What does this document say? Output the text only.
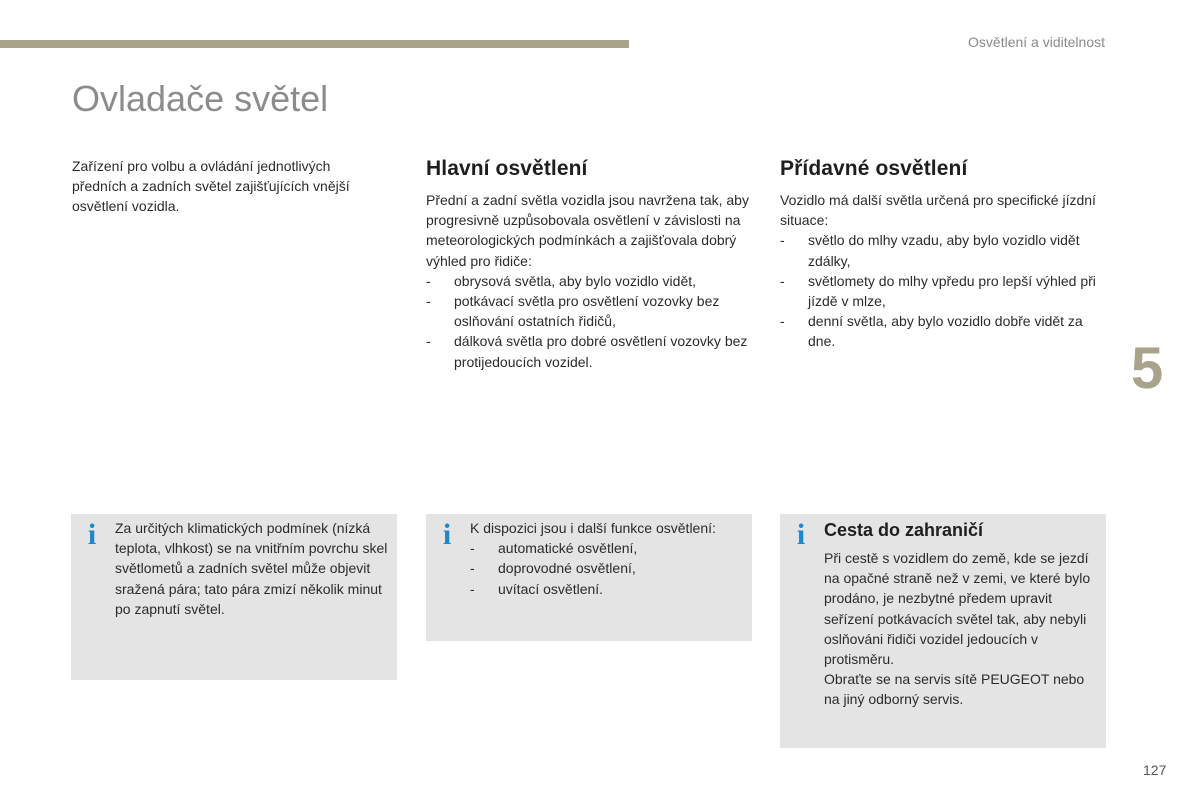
Osvětlení a viditelnost
Ovladače světel

Zařízení pro volbu a ovládání jednotlivých předních a zadních světel zajišťujících vnější osvětlení vozidla.

Hlavní osvětlení

Přední a zadní světla vozidla jsou navržena tak, aby progresivně uzpůsobovala osvětlení v závislosti na meteorologických podmínkách a zajišťovala dobrý výhled pro řidiče:

- obrysová světla, aby bylo vozidlo vidět,
- potkávací světla pro osvětlení vozovky bez oslňování ostatních řidičů,
- dálková světla pro dobré osvětlení vozovky bez protijedoucích vozidel.
Přídavné osvětlení

Vozidlo má další světla určená pro specifické jízdní situace:

- světlo do mlhy vzadu, aby bylo vozidlo vidět zdálky,
- světlomety do mlhy vpředu pro lepší výhled při jízdě v mlze,
- denní světla, aby bylo vozidlo dobře vidět za dne.	5
i Za určitých klimatických podmínek (nízká teplota, vlhkost) se na vnitřním povrchu skel světlometů a zadních světel může objevit sražená pára; tato pára zmizí několik minut po zapnutí světel.

i K dispozici jsou i další funkce osvětlení:

- automatické osvětlení,
- doprovodné osvětlení,
- uvítací osvětlení.
i Cesta do zahraničí

Při cestě s vozidlem do země, kde se jezdí na opačné straně než v zemi, ve které bylo prodáno, je nezbytné předem upravit seřízení potkávacích světel tak, aby nebyli oslňováni řidiči vozidel jedoucích v protisměru.

Obraťte se na servis sítě PEUGEOT nebo na jiný odborný servis.

127
